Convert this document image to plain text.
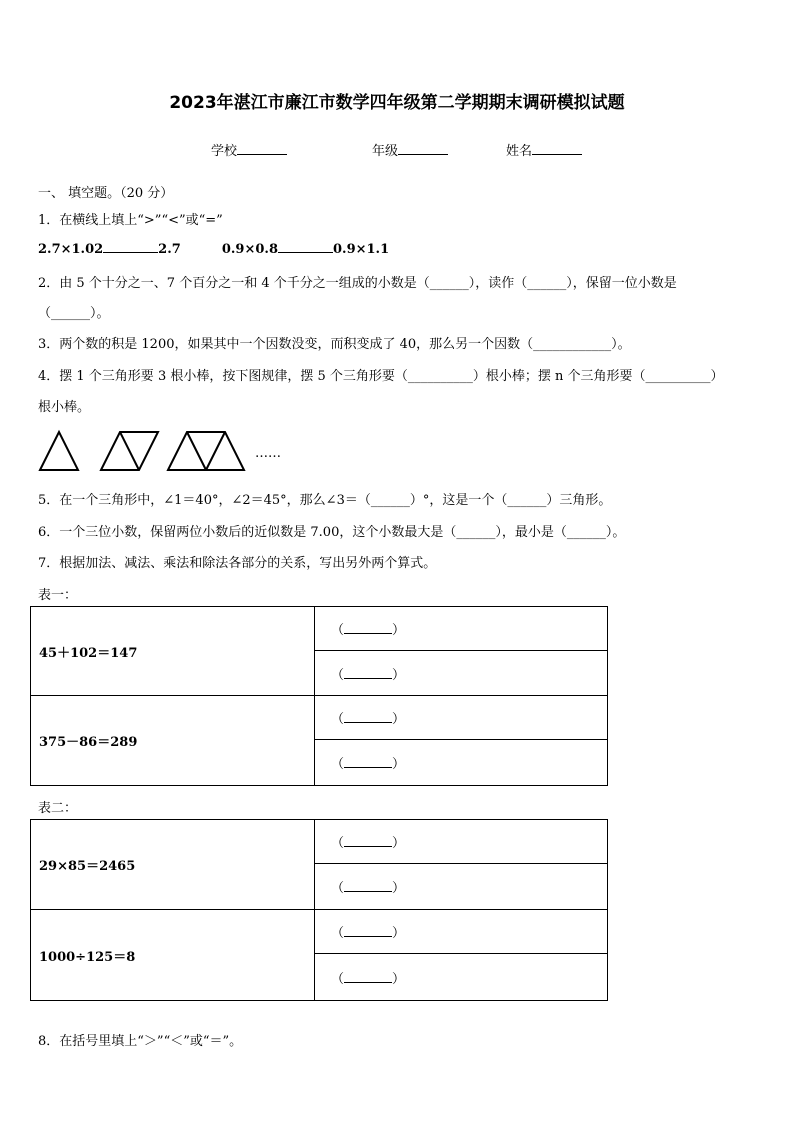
2023年湛江市廉江市数学四年级第二学期期末调研模拟试题
学校	年级	姓名
一、 填空题。（20 分）
1．在横线上填上“>”“<”或“=”
2.7×1.02	2.7	0.9×0.8	0.9×1.1
2．由 5 个十分之一、7 个百分之一和 4 个千分之一组成的小数是（______），读作（______），保留一位小数是
（______）。
3．两个数的积是 1200，如果其中一个因数没变，而积变成了 40，那么另一个因数（____________）。
4．摆 1 个三角形要 3 根小棒，按下图规律，摆 5 个三角形要（__________）根小棒；摆 n 个三角形要（__________）
根小棒。
……
5．在一个三角形中，∠1＝40°，∠2＝45°，那么∠3＝（______）°，这是一个（______）三角形。
6．一个三位小数，保留两位小数后的近似数是 7.00，这个小数最大是（______），最小是（______）。
7．根据加法、减法、乘法和除法各部分的关系，写出另外两个算式。
表一：
45＋102＝147	（ ）
	（ ）
375－86＝289	（ ）
	（ ）
表二：
29×85＝2465	（ ）
	（ ）
1000÷125＝8	（ ）
	（ ）
8．在括号里填上“＞”“＜”或“＝”。
